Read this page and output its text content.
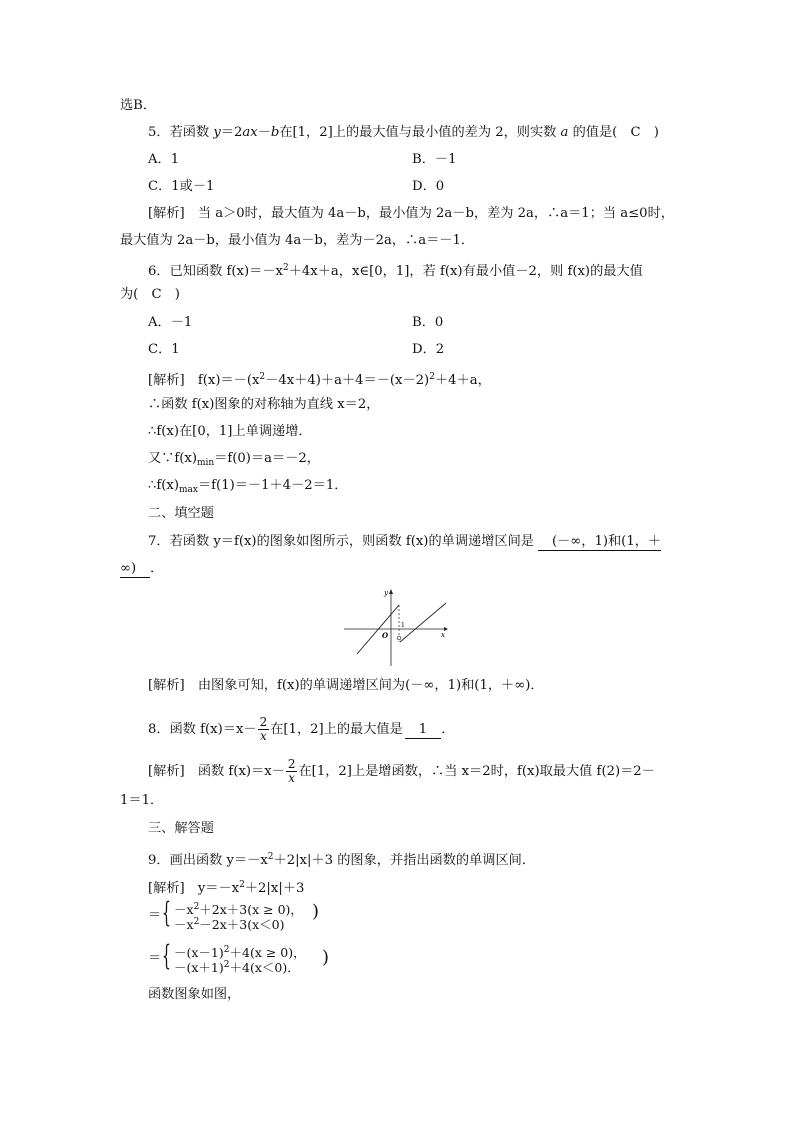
选B．
5．若函数 y＝2ax－b在[1，2]上的最大值与最小值的差为 2，则实数 a 的值是(　C　)
A．1	B．－1
C．1或－1	D．0
[解析]　当 a＞0时，最大值为 4a－b，最小值为 2a－b，差为 2a，∴a＝1；当 a≤0时，
最大值为 2a－b，最小值为 4a－b，差为－2a，∴a＝－1．
6．已知函数 $f(x)=-x^2+4x+a$，x∈[0，1]，若 f(x)有最小值－2，则 f(x)的最大值
为(　C　)
A．－1	B．0
C．1	D．2
[解析]　$f(x)=-(x^2-4x+4)+a+4=-(x-2)^2+4+a$，
∴函数 f(x)图象的对称轴为直线 x＝2，
∴f(x)在[0，1]上单调递增．
又$\because f(x)_{min}=f(0)=a=-2$，
$\therefore f(x)_{max}=f(1)=-1+4-2=1$．
二、填空题
7．若函数 y＝f(x)的图象如图所示，则函数 f(x)的单调递增区间是 (－∞，1)和(1，＋
∞) ．
y
x
O
1
[解析]　由图象可知，f(x)的单调递增区间为(－∞，1)和(1，＋∞)．
8．函数 $f(x)=x- \frac{2}{x}$ 在[1，2]上的最大值是 1 ．
[解析]　函数 $f(x)=x- \frac{2}{x}$ 在[1，2]上是增函数，∴当 x＝2时，f(x)取最大值 f(2)＝2－
1＝1．
三、解答题
9．画出函数 $y=-x^2+2|x|+3$ 的图象，并指出函数的单调区间．
[解析]　$y=-x^2+2|x|+3$
＝ { $-x^2+2x+3(x \ge 0)$，
$-x^2-2x+3(x<0)$
)
＝ { $-(x-1)^2+4(x \ge 0)$，
$-(x+1)^2+4(x<0)$． )
函数图象如图，
